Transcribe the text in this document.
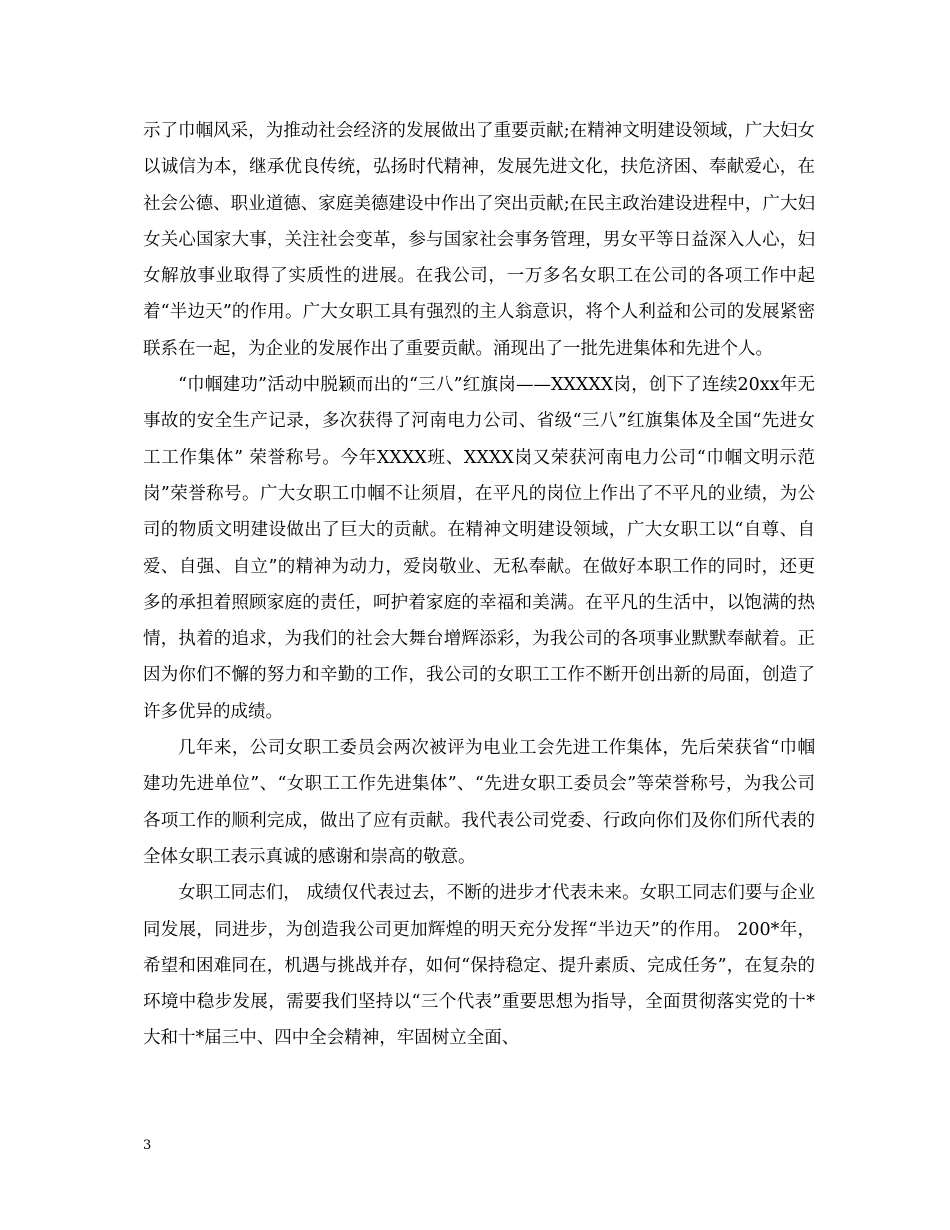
示了巾帼风采，为推动社会经济的发展做出了重要贡献;在精神文明建设领域，广大妇女以诚信为本，继承优良传统，弘扬时代精神，发展先进文化，扶危济困、奉献爱心，在社会公德、职业道德、家庭美德建设中作出了突出贡献;在民主政治建设进程中，广大妇女关心国家大事，关注社会变革，参与国家社会事务管理，男女平等日益深入人心，妇女解放事业取得了实质性的进展。在我公司，一万多名女职工在公司的各项工作中起着“半边天”的作用。广大女职工具有强烈的主人翁意识，将个人利益和公司的发展紧密联系在一起，为企业的发展作出了重要贡献。涌现出了一批先进集体和先进个人。

“巾帼建功”活动中脱颖而出的“三八”红旗岗——XXXXX岗，创下了连续20xx年无事故的安全生产记录，多次获得了河南电力公司、省级“三八”红旗集体及全国“先进女工工作集体” 荣誉称号。今年XXXX班、XXXX岗又荣获河南电力公司“巾帼文明示范岗”荣誉称号。广大女职工巾帼不让须眉，在平凡的岗位上作出了不平凡的业绩，为公司的物质文明建设做出了巨大的贡献。在精神文明建设领域，广大女职工以“自尊、自爱、自强、自立”的精神为动力，爱岗敬业、无私奉献。在做好本职工作的同时，还更多的承担着照顾家庭的责任，呵护着家庭的幸福和美满。在平凡的生活中，以饱满的热情，执着的追求，为我们的社会大舞台增辉添彩，为我公司的各项事业默默奉献着。正因为你们不懈的努力和辛勤的工作，我公司的女职工工作不断开创出新的局面，创造了许多优异的成绩。

几年来，公司女职工委员会两次被评为电业工会先进工作集体，先后荣获省“巾帼建功先进单位”、“女职工工作先进集体”、“先进女职工委员会”等荣誉称号，为我公司各项工作的顺利完成，做出了应有贡献。我代表公司党委、行政向你们及你们所代表的全体女职工表示真诚的感谢和崇高的敬意。

女职工同志们， 成绩仅代表过去，不断的进步才代表未来。女职工同志们要与企业同发展，同进步，为创造我公司更加辉煌的明天充分发挥“半边天”的作用。 200*年，希望和困难同在，机遇与挑战并存，如何“保持稳定、提升素质、完成任务”，在复杂的环境中稳步发展，需要我们坚持以“三个代表”重要思想为指导，全面贯彻落实党的十*大和十*届三中、四中全会精神，牢固树立全面、

3
